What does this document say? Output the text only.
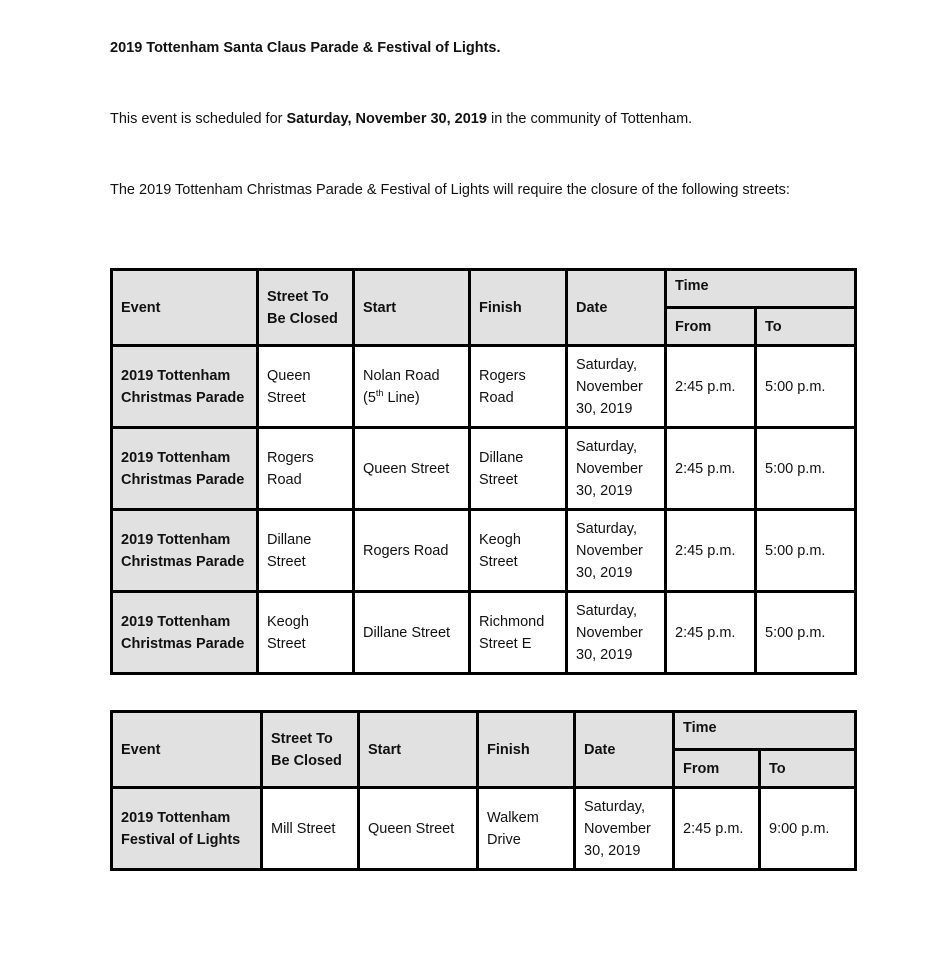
2019 Tottenham Santa Claus Parade & Festival of Lights.

This event is scheduled for Saturday, November 30, 2019 in the community of Tottenham.

The 2019 Tottenham Christmas Parade & Festival of Lights will require the closure of the following streets:

Event	Street To
Be Closed	Start	Finish	Date	Time	
					From	To
2019 Tottenham
Christmas Parade	Queen
Street	Nolan Road
(5th Line)	Rogers
Road	Saturday,
November
30, 2019	2:45 p.m.	5:00 p.m.
2019 Tottenham
Christmas Parade	Rogers
Road	Queen Street	Dillane
Street	Saturday,
November
30, 2019	2:45 p.m.	5:00 p.m.
2019 Tottenham
Christmas Parade	Dillane
Street	Rogers Road	Keogh
Street	Saturday,
November
30, 2019	2:45 p.m.	5:00 p.m.
2019 Tottenham
Christmas Parade	Keogh
Street	Dillane Street	Richmond
Street E	Saturday,
November
30, 2019	2:45 p.m.	5:00 p.m.
Event	Street To
Be Closed	Start	Finish	Date	Time	
					From	To
2019 Tottenham
Festival of Lights	Mill Street	Queen Street	Walkem
Drive	Saturday,
November
30, 2019	2:45 p.m.	9:00 p.m.
